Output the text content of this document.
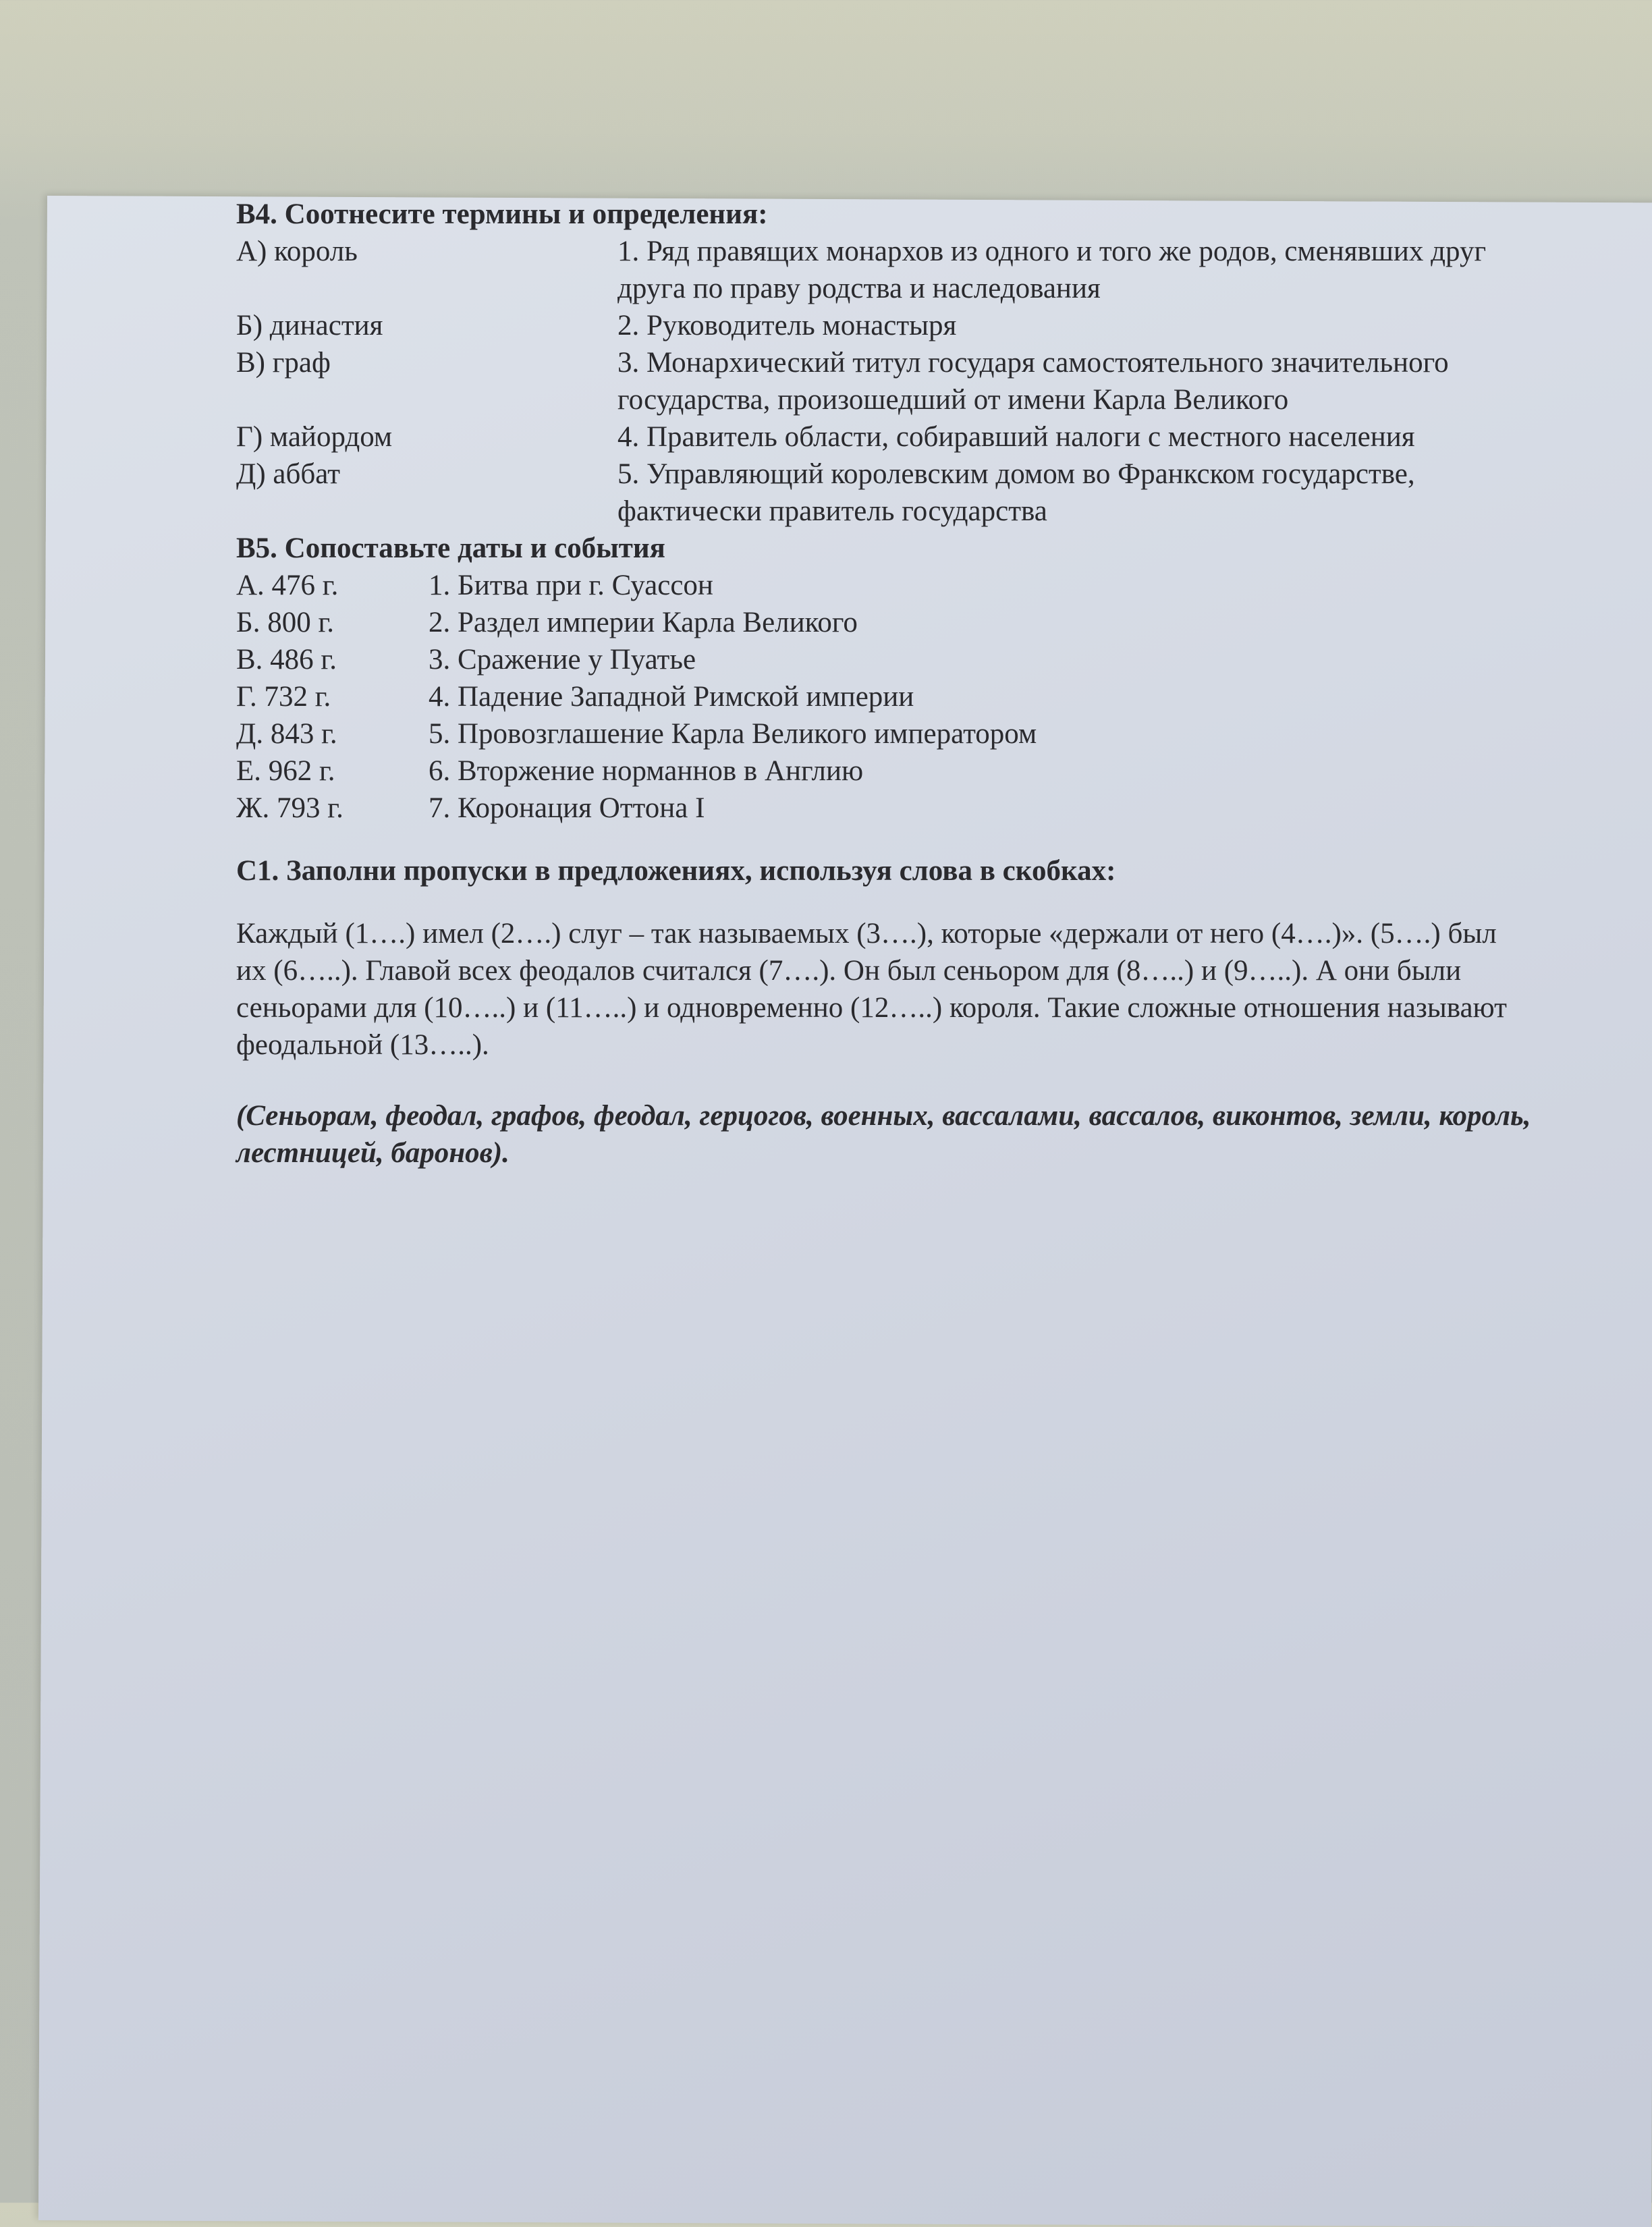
В4. Соотнесите термины и определения:
А) король	1. Ряд правящих монархов из одного и того же родов, сменявших друг друга по праву родства и наследования
Б) династия	2. Руководитель монастыря
В) граф	3. Монархический титул государя самостоятельного значительного государства, произошедший от имени Карла Великого
Г) майордом	4. Правитель области, собиравший налоги с местного населения
Д) аббат	5. Управляющий королевским домом во Франкском государстве, фактически правитель государства
В5. Сопоставьте даты и события
А. 476 г.	1. Битва при г. Суассон
Б. 800 г.	2. Раздел империи Карла Великого
В. 486 г.	3. Сражение у Пуатье
Г. 732 г.	4. Падение Западной Римской империи
Д. 843 г.	5. Провозглашение Карла Великого императором
Е. 962 г.	6. Вторжение норманнов в Англию
Ж. 793 г.	7. Коронация Оттона I
С1. Заполни пропуски в предложениях, используя слова в скобках:
Каждый (1….) имел (2….) слуг – так называемых (3….), которые «держали от него (4….)». (5….) был их (6…..). Главой всех феодалов считался (7….). Он был сеньором для (8…..) и (9…..). А они были сеньорами для (10…..) и (11…..) и одновременно (12…..) короля. Такие сложные отношения называют феодальной (13…..).
(Сеньорам, феодал, графов, феодал, герцогов, военных, вассалами, вассалов, виконтов, земли, король, лестницей, баронов).
